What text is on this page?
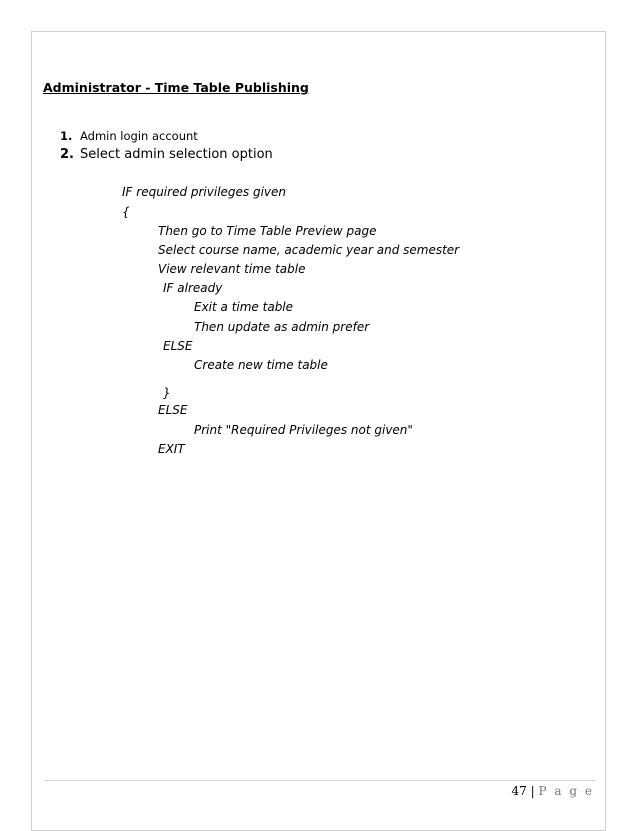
Administrator - Time Table Publishing
1. Admin login account
2. Select admin selection option

IF required privileges given

{

Then go to Time Table Preview page

Select course name, academic year and semester

View relevant time table

IF already

Exit a time table

Then update as admin prefer

ELSE

Create new time table

}

ELSE

Print "Required Privileges not given"

EXIT

47 | P a g e
